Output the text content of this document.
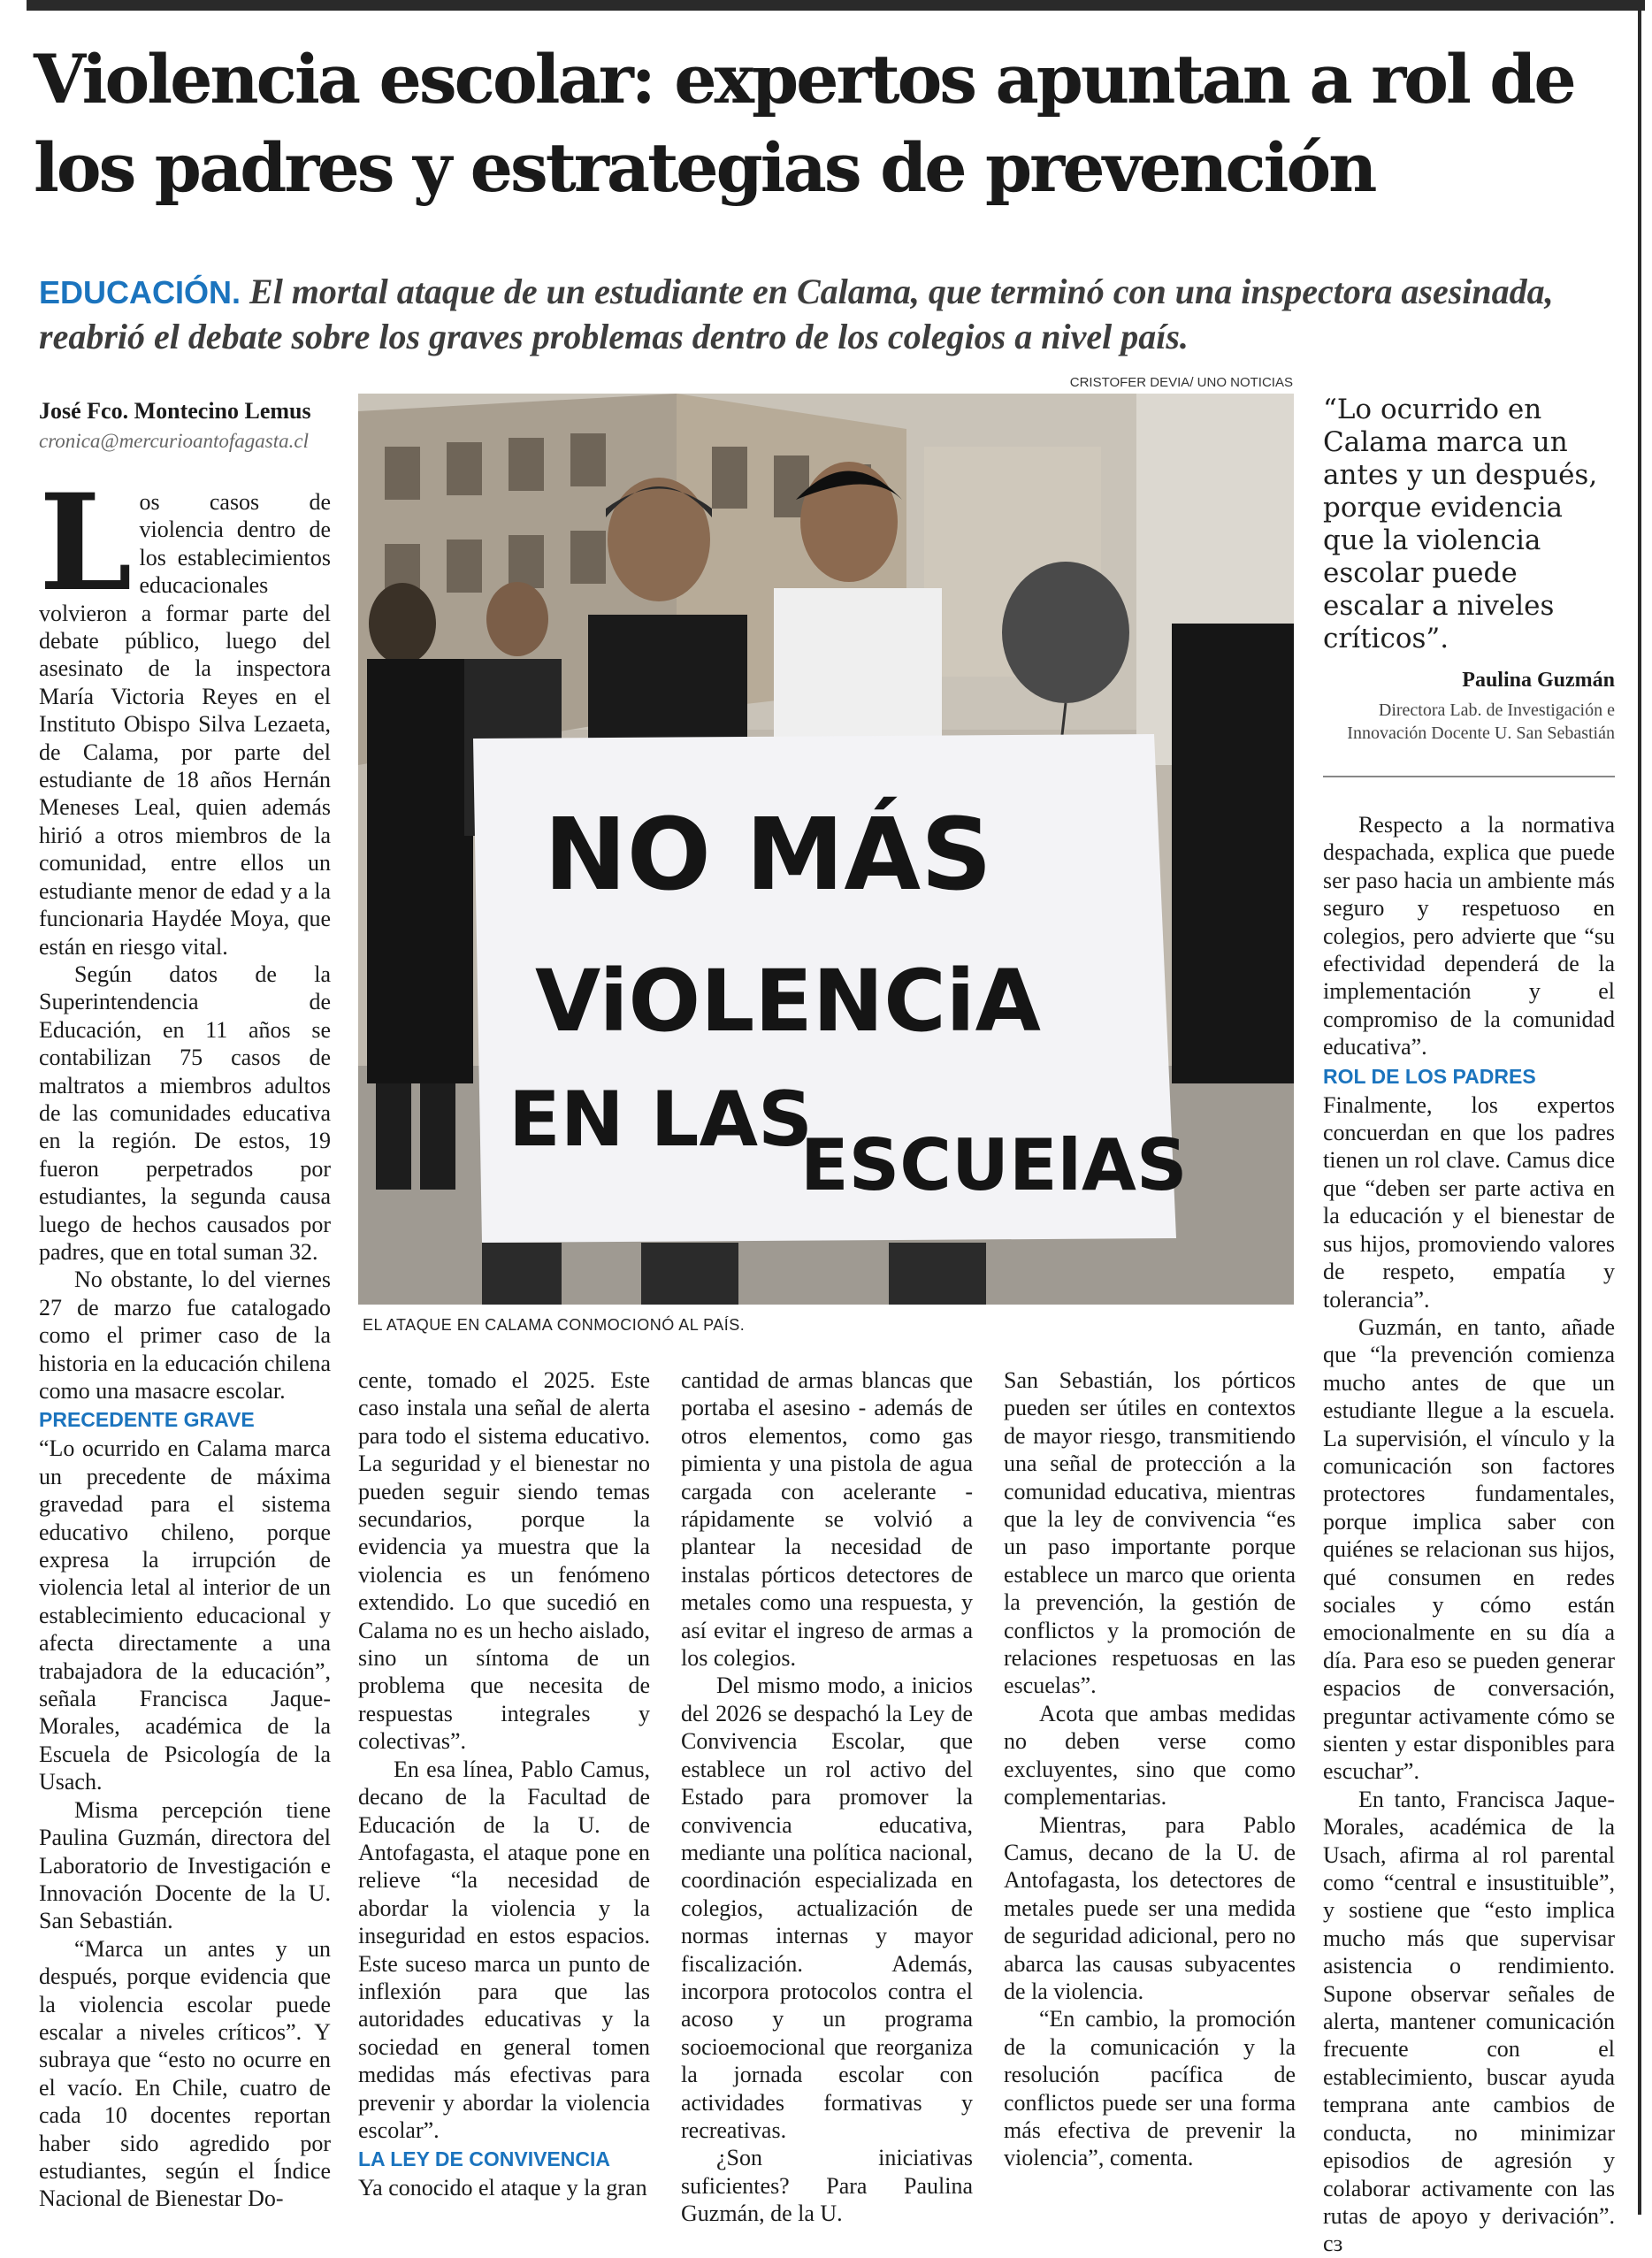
Violencia escolar: expertos apuntan a rol de los padres y estrategias de prevención
EDUCACIÓN. El mortal ataque de un estudiante en Calama, que terminó con una inspectora asesinada, reabrió el debate sobre los graves problemas dentro de los colegios a nivel país.
José Fco. Montecino Lemus
cronica@mercurioantofagasta.cl
L os casos de violencia dentro de los establecimientos educacionales volvieron a formar parte del debate público, luego del asesinato de la inspectora María Victoria Reyes en el Instituto Obispo Silva Lezaeta, de Calama, por parte del estudiante de 18 años Hernán Meneses Leal, quien además hirió a otros miembros de la comunidad, entre ellos un estudiante menor de edad y a la funcionaria Haydée Moya, que están en riesgo vital.

Según datos de la Superintendencia de Educación, en 11 años se contabilizan 75 casos de maltratos a miembros adultos de las comunidades educativa en la región. De estos, 19 fueron perpetrados por estudiantes, la segunda causa luego de hechos causados por padres, que en total suman 32.

No obstante, lo del viernes 27 de marzo fue catalogado como el primer caso de la historia en la educación chilena como una masacre escolar.

PRECEDENTE GRAVE

“Lo ocurrido en Calama marca un precedente de máxima gravedad para el sistema educativo chileno, porque expresa la irrupción de violencia letal al interior de un establecimiento educacional y afecta directamente a una trabajadora de la educación”, señala Francisca Jaque-Morales, académica de la Escuela de Psicología de la Usach.

Misma percepción tiene Paulina Guzmán, directora del Laboratorio de Investigación e Innovación Docente de la U. San Sebastián.

“Marca un antes y un después, porque evidencia que la violencia escolar puede escalar a niveles críticos”. Y subraya que “esto no ocurre en el vacío. En Chile, cuatro de cada 10 docentes reportan haber sido agredido por estudiantes, según el Índice Nacional de Bienestar Do-

CRISTOFER DEVIA/ UNO NOTICIAS
NO MÁS
ViOLENCiA
EN LAS
ESCUElAS
EL ATAQUE EN CALAMA CONMOCIONÓ AL PAÍS.
“Lo ocurrido en Calama marca un antes y un después, porque evidencia que la violencia escolar puede escalar a niveles críticos”.
Paulina Guzmán
Directora Lab. de Investigación e Innovación Docente U. San Sebastián

cente, tomado el 2025. Este caso instala una señal de alerta para todo el sistema educativo. La seguridad y el bienestar no pueden seguir siendo temas secundarios, porque la evidencia ya muestra que la violencia es un fenómeno extendido. Lo que sucedió en Calama no es un hecho aislado, sino un síntoma de un problema que necesita de respuestas integrales y colectivas”.

En esa línea, Pablo Camus, decano de la Facultad de Educación de la U. de Antofagasta, el ataque pone en relieve “la necesidad de abordar la violencia y la inseguridad en estos espacios. Este suceso marca un punto de inflexión para que las autoridades educativas y la sociedad en general tomen medidas más efectivas para prevenir y abordar la violencia escolar”.

LA LEY DE CONVIVENCIA

Ya conocido el ataque y la gran

cantidad de armas blancas que portaba el asesino - además de otros elementos, como gas pimienta y una pistola de agua cargada con acelerante - rápidamente se volvió a plantear la necesidad de instalas pórticos detectores de metales como una respuesta, y así evitar el ingreso de armas a los colegios.

Del mismo modo, a inicios del 2026 se despachó la Ley de Convivencia Escolar, que establece un rol activo del Estado para promover la convivencia educativa, mediante una política nacional, coordinación especializada en colegios, actualización de normas internas y mayor fiscalización. Además, incorpora protocolos contra el acoso y un programa socioemocional que reorganiza la jornada escolar con actividades formativas y recreativas.

¿Son iniciativas suficientes? Para Paulina Guzmán, de la U.

San Sebastián, los pórticos pueden ser útiles en contextos de mayor riesgo, transmitiendo una señal de protección a la comunidad educativa, mientras que la ley de convivencia “es un paso importante porque establece un marco que orienta la prevención, la gestión de conflictos y la promoción de relaciones respetuosas en las escuelas”.

Acota que ambas medidas no deben verse como excluyentes, sino que como complementarias.

Mientras, para Pablo Camus, decano de la U. de Antofagasta, los detectores de metales puede ser una medida de seguridad adicional, pero no abarca las causas subyacentes de la violencia.

“En cambio, la promoción de la comunicación y la resolución pacífica de conflictos puede ser una forma más efectiva de prevenir la violencia”, comenta.

Respecto a la normativa despachada, explica que puede ser paso hacia un ambiente más seguro y respetuoso en colegios, pero advierte que “su efectividad dependerá de la implementación y el compromiso de la comunidad educativa”.

ROL DE LOS PADRES

Finalmente, los expertos concuerdan en que los padres tienen un rol clave. Camus dice que “deben ser parte activa en la educación y el bienestar de sus hijos, promoviendo valores de respeto, empatía y tolerancia”.

Guzmán, en tanto, añade que “la prevención comienza mucho antes de que un estudiante llegue a la escuela. La supervisión, el vínculo y la comunicación son factores protectores fundamentales, porque implica saber con quiénes se relacionan sus hijos, qué consumen en redes sociales y cómo están emocionalmente en su día a día. Para eso se pueden generar espacios de conversación, preguntar activamente cómo se sienten y estar disponibles para escuchar”.

En tanto, Francisca Jaque-Morales, académica de la Usach, afirma al rol parental como “central e insustituible”, y sostiene que “esto implica mucho más que supervisar asistencia o rendimiento. Supone observar señales de alerta, mantener comunicación frecuente con el establecimiento, buscar ayuda temprana ante cambios de conducta, no minimizar episodios de agresión y colaborar activamente con las rutas de apoyo y derivación”. cɜ
